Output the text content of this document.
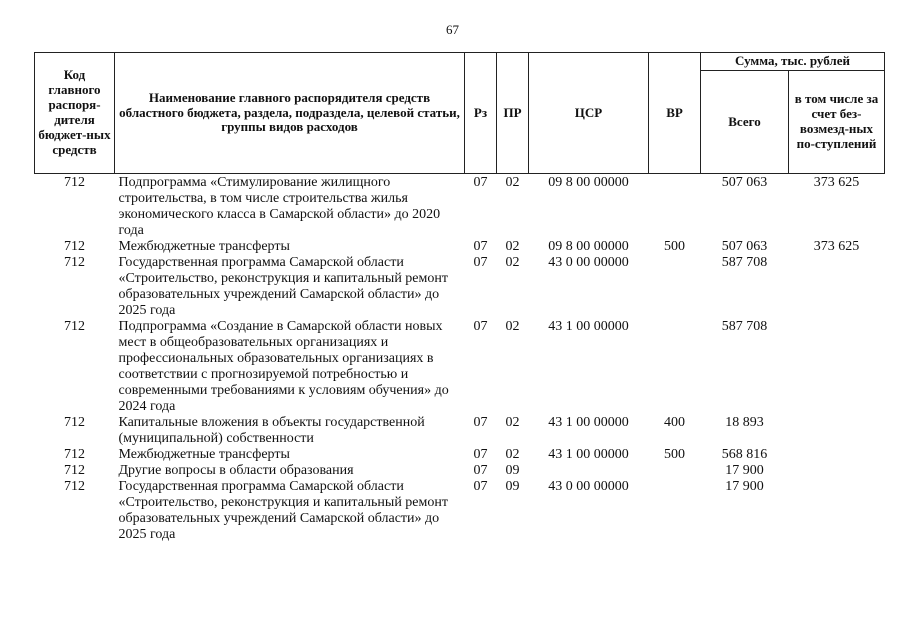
67
Код главного распоря-дителя бюджет-ных средств	Наименование главного распорядителя средств областного бюджета, раздела, подраздела, целевой статьи, группы видов расходов	Рз	ПР	ЦСР	ВР	Сумма, тыс. рублей	
						Всего	в том числе за счет без-возмезд-ных по-ступлений
712	Подпрограмма «Стимулирование жилищного строительства, в том числе строительства жилья экономического класса в Самарской области» до 2020 года	07	02	09 8 00 00000		507 063	373 625
712	Межбюджетные трансферты	07	02	09 8 00 00000	500	507 063	373 625
712	Государственная программа Самарской области «Строительство, реконструкция и капитальный ремонт образовательных учреждений Самарской области» до 2025 года	07	02	43 0 00 00000		587 708	
712	Подпрограмма «Создание в Самарской области новых мест в общеобразовательных организациях и профессиональных образовательных организациях в соответствии с прогнозируемой потребностью и современными требованиями к условиям обучения» до 2024 года	07	02	43 1 00 00000		587 708	
712	Капитальные вложения в объекты государственной (муниципальной) собственности	07	02	43 1 00 00000	400	18 893	
712	Межбюджетные трансферты	07	02	43 1 00 00000	500	568 816	
712	Другие вопросы в области образования	07	09			17 900	
712	Государственная программа Самарской области «Строительство, реконструкция и капитальный ремонт образовательных учреждений Самарской области» до 2025 года	07	09	43 0 00 00000		17 900	
